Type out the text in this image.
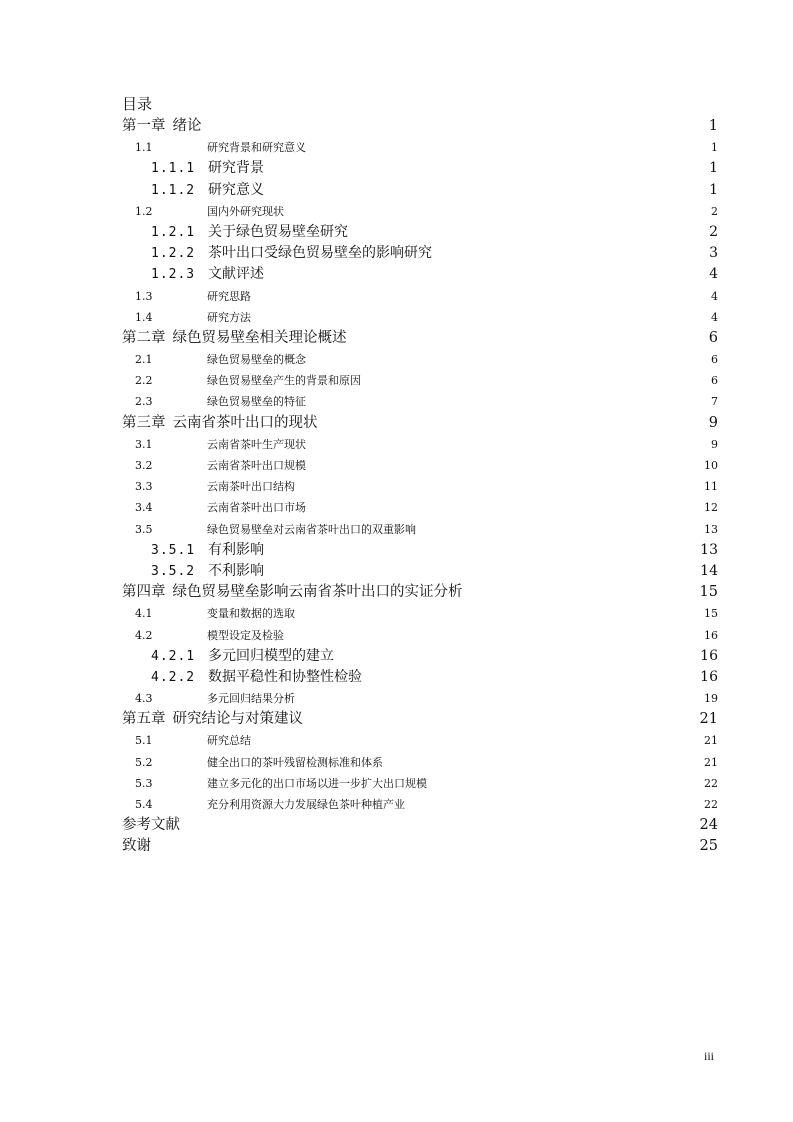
目录
第一章 绪论 .....	1
1.1	研究背景和研究意义 .....	1
1.1.1 研究背景 .....	1
1.1.2 研究意义 .....	1
1.2	国内外研究现状 .....	2
1.2.1 关于绿色贸易壁垒研究 .....	2
1.2.2 茶叶出口受绿色贸易壁垒的影响研究 .....	3
1.2.3 文献评述 .....	4
1.3	研究思路 .....	4
1.4	研究方法 .....	4
第二章 绿色贸易壁垒相关理论概述 .....	6
2.1	绿色贸易壁垒的概念 .....	6
2.2	绿色贸易壁垒产生的背景和原因 .....	6
2.3	绿色贸易壁垒的特征 .....	7
第三章 云南省茶叶出口的现状 .....	9
3.1	云南省茶叶生产现状 .....	9
3.2	云南省茶叶出口规模 .....	10
3.3	云南茶叶出口结构 .....	11
3.4	云南省茶叶出口市场 .....	12
3.5	绿色贸易壁垒对云南省茶叶出口的双重影响 .....	13
3.5.1 有利影响 .....	13
3.5.2 不利影响 .....	14
第四章 绿色贸易壁垒影响云南省茶叶出口的实证分析 .....	15
4.1	变量和数据的选取 .....	15
4.2	模型设定及检验 .....	16
4.2.1 多元回归模型的建立 .....	16
4.2.2 数据平稳性和协整性检验 .....	16
4.3	多元回归结果分析 .....	19
第五章 研究结论与对策建议 .....	21
5.1	研究总结 .....	21
5.2	健全出口的茶叶残留检测标准和体系 .....	21
5.3	建立多元化的出口市场以进一步扩大出口规模 .....	22
5.4	充分利用资源大力发展绿色茶叶种植产业 .....	22
参考文献 .....	24
致谢 .....	25
iii
